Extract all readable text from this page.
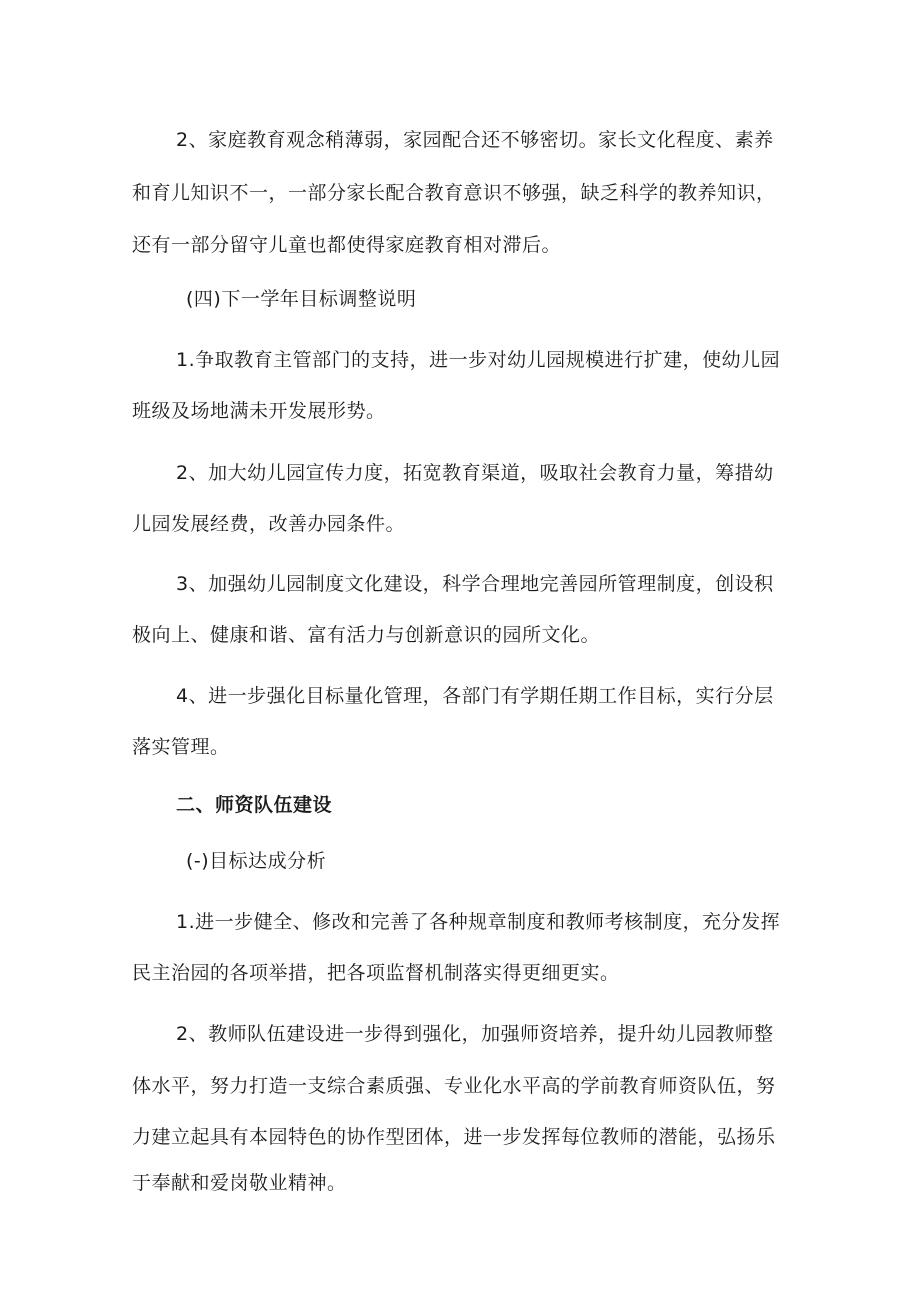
2、家庭教育观念稍薄弱，家园配合还不够密切。家长文化程度、素养
和育儿知识不一，一部分家长配合教育意识不够强，缺乏科学的教养知识，
还有一部分留守儿童也都使得家庭教育相对滞后。
(四)下一学年目标调整说明
1.争取教育主管部门的支持，进一步对幼儿园规模进行扩建，使幼儿园
班级及场地满未开发展形势。
2、加大幼儿园宣传力度，拓宽教育渠道，吸取社会教育力量，筹措幼
儿园发展经费，改善办园条件。
3、加强幼儿园制度文化建设，科学合理地完善园所管理制度，创设积
极向上、健康和谐、富有活力与创新意识的园所文化。
4、进一步强化目标量化管理，各部门有学期任期工作目标，实行分层
落实管理。
二、师资队伍建设
(-)目标达成分析
1.进一步健全、修改和完善了各种规章制度和教师考核制度，充分发挥
民主治园的各项举措，把各项监督机制落实得更细更实。
2、教师队伍建设进一步得到强化，加强师资培养，提升幼儿园教师整
体水平，努力打造一支综合素质强、专业化水平高的学前教育师资队伍，努
力建立起具有本园特色的协作型团体，进一步发挥每位教师的潜能，弘扬乐
于奉献和爱岗敬业精神。
